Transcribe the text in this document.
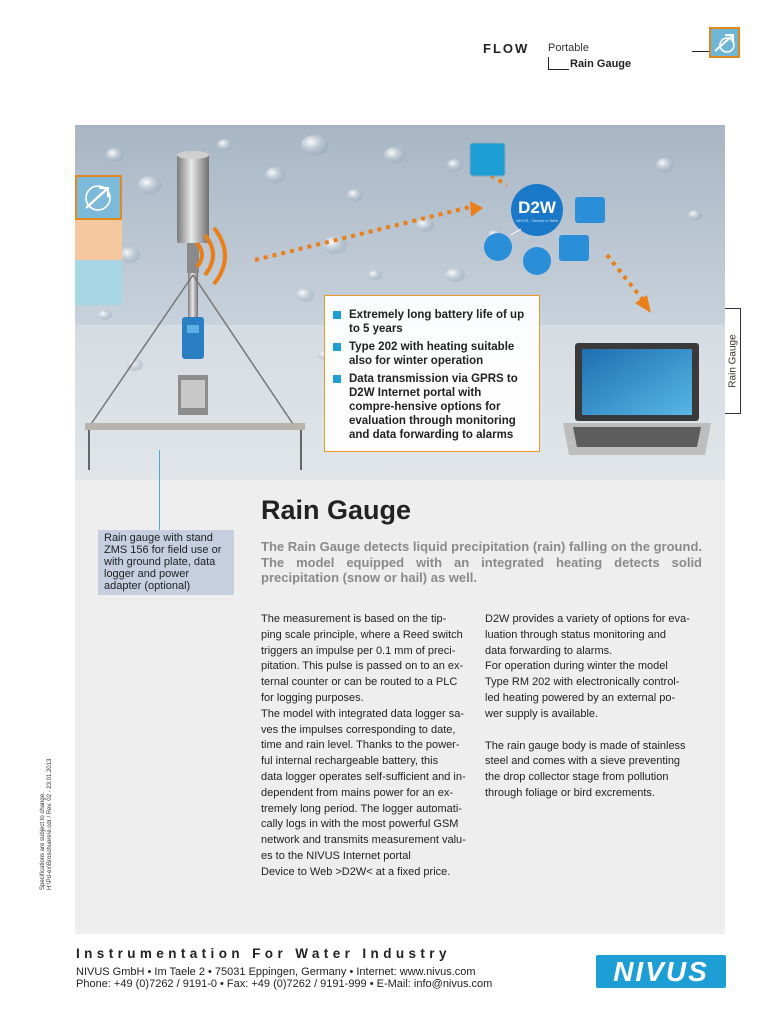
FLOW Portable
Rain Gauge
D2W
NIVUS - Device to Web
Extremely long battery life of up to 5 years
Type 202 with heating suitable also for winter operation
Data transmission via GPRS to D2W Internet portal with compre-hensive options for evaluation through monitoring and data forwarding to alarms
Rain Gauge
Rain gauge with stand ZMS 156 for field use or with ground plate, data logger and power adapter (optional)
Rain Gauge
The Rain Gauge detects liquid precipitation (rain) falling on the ground. The model equipped with an integrated heating detects solid precipitation (snow or hail) as well.

The measurement is based on the tip-
ping scale principle, where a Reed switch
triggers an impulse per 0.1 mm of preci-
pitation. This pulse is passed on to an ex-
ternal counter or can be routed to a PLC
for logging purposes.

The model with integrated data logger sa-
ves the impulses corresponding to date,
time and rain level. Thanks to the power-
ful internal rechargeable battery, this
data logger operates self-sufficient and in-
dependent from mains power for an ex-
tremely long period. The logger automati-
cally logs in with the most powerful GSM
network and transmits measurement valu-
es to the NIVUS Internet portal
Device to Web >D2W< at a fixed price.

D2W provides a variety of options for eva-
luation through status monitoring and
data forwarding to alarms.

For operation during winter the model
Type RM 202 with electronically control-
led heating powered by an external po-
wer supply is available.

The rain gauge body is made of stainless
steel and comes with a sieve preventing
the drop collector stage from pollution
through foliage or bird excrements.

Specifications are subject to change. H:\Pd-ex\Broschuere\e.cdr / Rev. 02 - 23.01.2013
Instrumentation For Water Industry
NIVUS GmbH • Im Taele 2 • 75031 Eppingen, Germany • Internet: www.nivus.com
Phone: +49 (0)7262 / 9191-0 • Fax: +49 (0)7262 / 9191-999 • E-Mail: info@nivus.com	NIVUS
